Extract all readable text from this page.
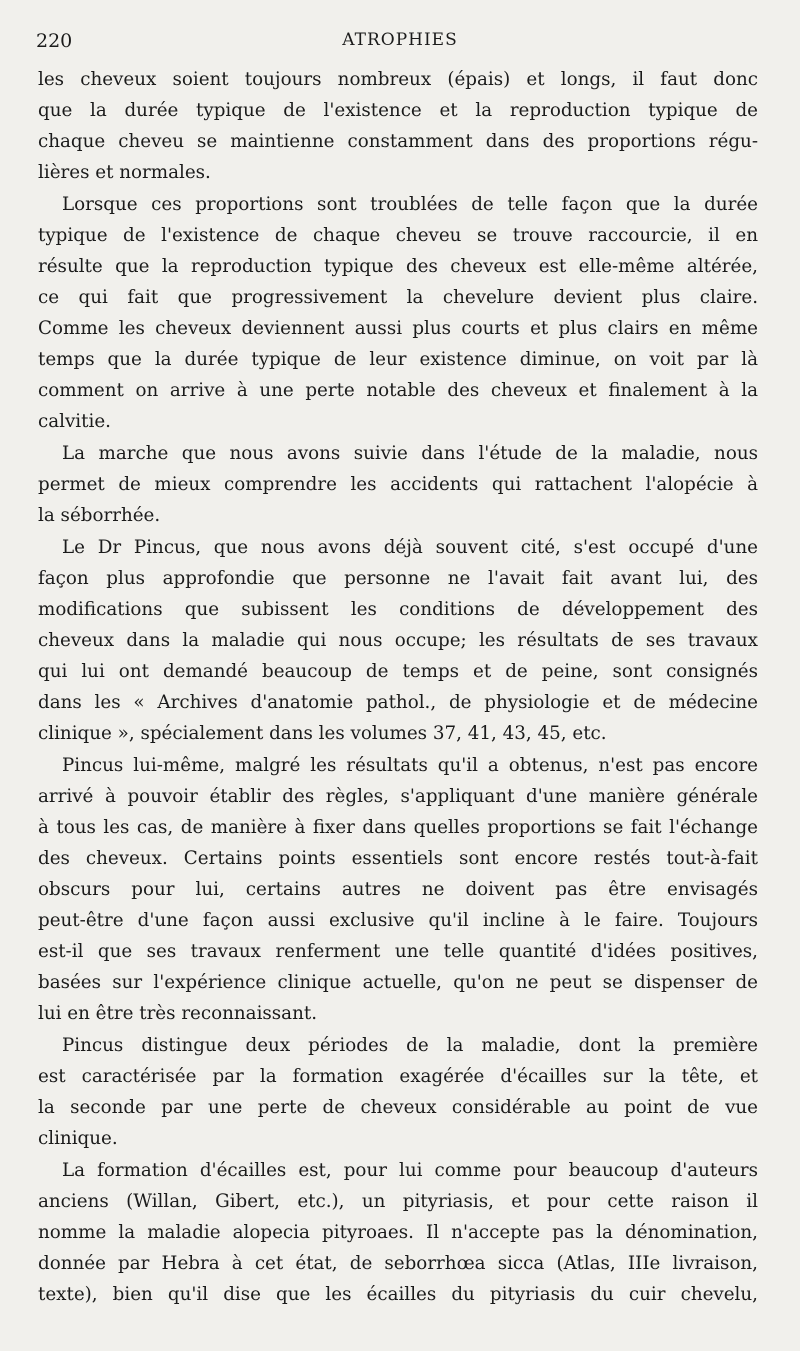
220	ATROPHIES

les cheveux soient toujours nombreux (épais) et longs, il faut donc
que la durée typique de l'existence et la reproduction typique de
chaque cheveu se maintienne constamment dans des proportions régu-
lières et normales.

Lorsque ces proportions sont troublées de telle façon que la durée
typique de l'existence de chaque cheveu se trouve raccourcie, il en
résulte que la reproduction typique des cheveux est elle-même altérée,
ce qui fait que progressivement la chevelure devient plus claire.
Comme les cheveux deviennent aussi plus courts et plus clairs en même
temps que la durée typique de leur existence diminue, on voit par là
comment on arrive à une perte notable des cheveux et finalement à la
calvitie.

La marche que nous avons suivie dans l'étude de la maladie, nous
permet de mieux comprendre les accidents qui rattachent l'alopécie à
la séborrhée.

Le Dr Pincus, que nous avons déjà souvent cité, s'est occupé d'une
façon plus approfondie que personne ne l'avait fait avant lui, des
modifications que subissent les conditions de développement des
cheveux dans la maladie qui nous occupe; les résultats de ses travaux
qui lui ont demandé beaucoup de temps et de peine, sont consignés
dans les « Archives d'anatomie pathol., de physiologie et de médecine
clinique », spécialement dans les volumes 37, 41, 43, 45, etc.

Pincus lui-même, malgré les résultats qu'il a obtenus, n'est pas encore
arrivé à pouvoir établir des règles, s'appliquant d'une manière générale
à tous les cas, de manière à fixer dans quelles proportions se fait l'échange
des cheveux. Certains points essentiels sont encore restés tout-à-fait
obscurs pour lui, certains autres ne doivent pas être envisagés
peut-être d'une façon aussi exclusive qu'il incline à le faire. Toujours
est-il que ses travaux renferment une telle quantité d'idées positives,
basées sur l'expérience clinique actuelle, qu'on ne peut se dispenser de
lui en être très reconnaissant.

Pincus distingue deux périodes de la maladie, dont la première
est caractérisée par la formation exagérée d'écailles sur la tête, et
la seconde par une perte de cheveux considérable au point de vue
clinique.

La formation d'écailles est, pour lui comme pour beaucoup d'auteurs
anciens (Willan, Gibert, etc.), un pityriasis, et pour cette raison il
nomme la maladie alopecia pityroaes. Il n'accepte pas la dénomination,
donnée par Hebra à cet état, de seborrhœa sicca (Atlas, IIIe livraison,
texte), bien qu'il dise que les écailles du pityriasis du cuir chevelu,
